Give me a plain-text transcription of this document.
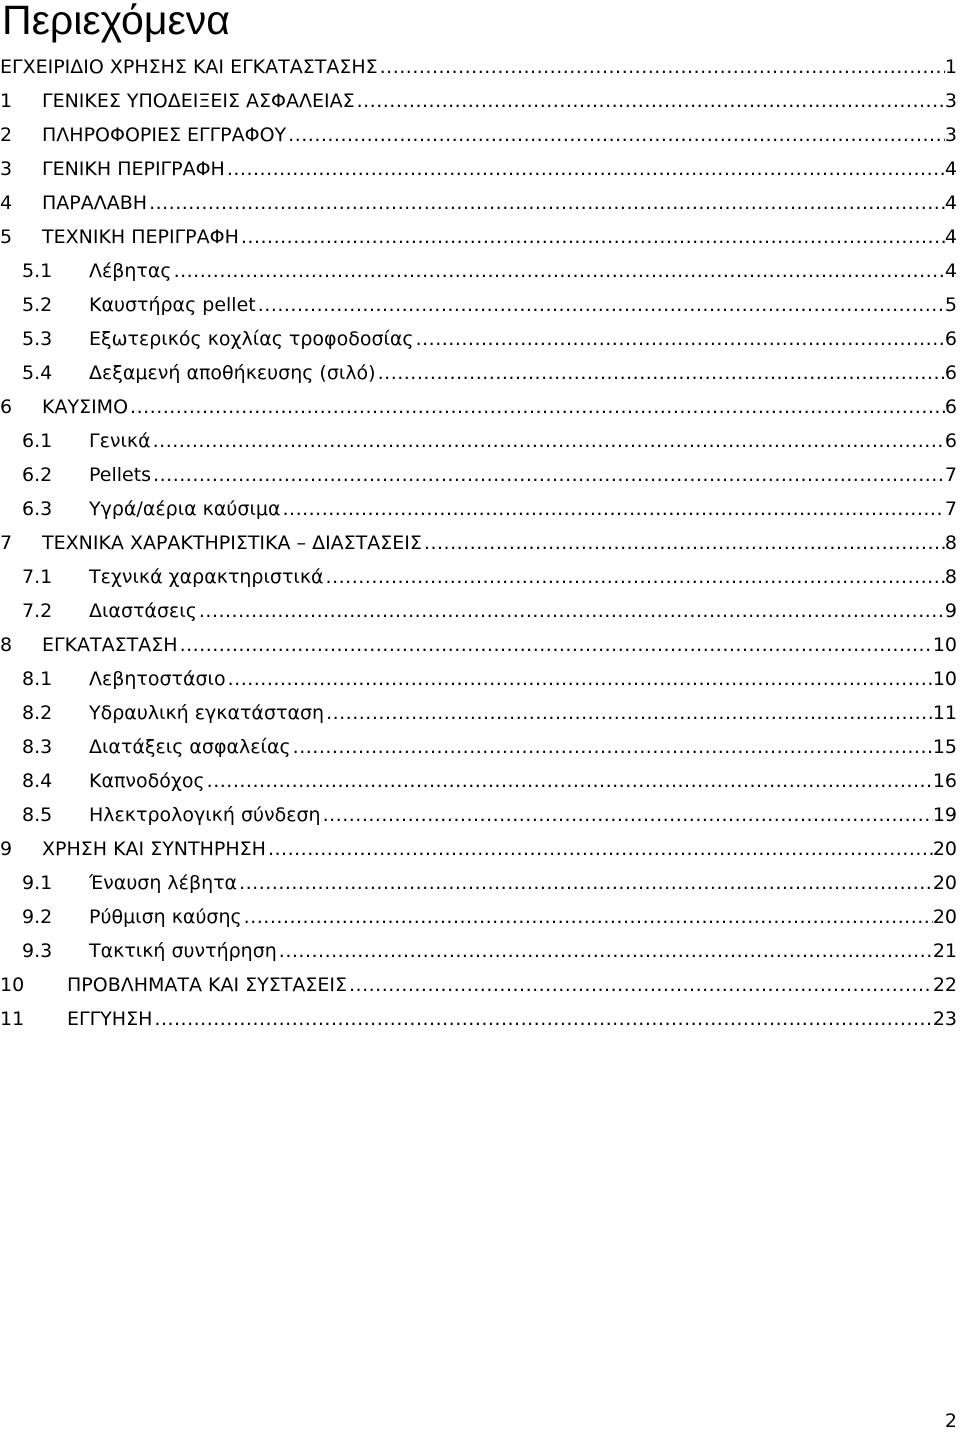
Περιεχόμενα
ΕΓΧΕΙΡΙΔΙΟ ΧΡΗΣΗΣ ΚΑΙ ΕΓΚΑΤΑΣΤΑΣΗΣ .....	1
1	ΓΕΝΙΚΕΣ ΥΠΟΔΕΙΞΕΙΣ ΑΣΦΑΛΕΙΑΣ .....	3
2	ΠΛΗΡΟΦΟΡΙΕΣ ΕΓΓΡΑΦΟΥ .....	3
3	ΓΕΝΙΚΗ ΠΕΡΙΓΡΑΦΗ .....	4
4	ΠΑΡΑΛΑΒΗ .....	4
5	ΤΕΧΝΙΚΗ ΠΕΡΙΓΡΑΦΗ .....	4
5.1	Λέβητας .....	4
5.2	Καυστήρας pellet .....	5
5.3	Εξωτερικός κοχλίας τροφοδοσίας .....	6
5.4	Δεξαμενή αποθήκευσης (σιλό) .....	6
6	ΚΑΥΣΙΜΟ .....	6
6.1	Γενικά .....	6
6.2	Pellets .....	7
6.3	Υγρά/αέρια καύσιμα .....	7
7	ΤΕΧΝΙΚΑ ΧΑΡΑΚΤΗΡΙΣΤΙΚΑ – ΔΙΑΣΤΑΣΕΙΣ .....	8
7.1	Τεχνικά χαρακτηριστικά .....	8
7.2	Διαστάσεις .....	9
8	ΕΓΚΑΤΑΣΤΑΣΗ .....	10
8.1	Λεβητοστάσιο .....	10
8.2	Υδραυλική εγκατάσταση .....	11
8.3	Διατάξεις ασφαλείας .....	15
8.4	Καπνοδόχος .....	16
8.5	Ηλεκτρολογική σύνδεση .....	19
9	ΧΡΗΣΗ ΚΑΙ ΣΥΝΤΗΡΗΣΗ .....	20
9.1	Έναυση λέβητα .....	20
9.2	Ρύθμιση καύσης .....	20
9.3	Τακτική συντήρηση .....	21
10	ΠΡΟΒΛΗΜΑΤΑ ΚΑΙ ΣΥΣΤΑΣΕΙΣ .....	22
11	ΕΓΓΥΗΣΗ .....	23
2
